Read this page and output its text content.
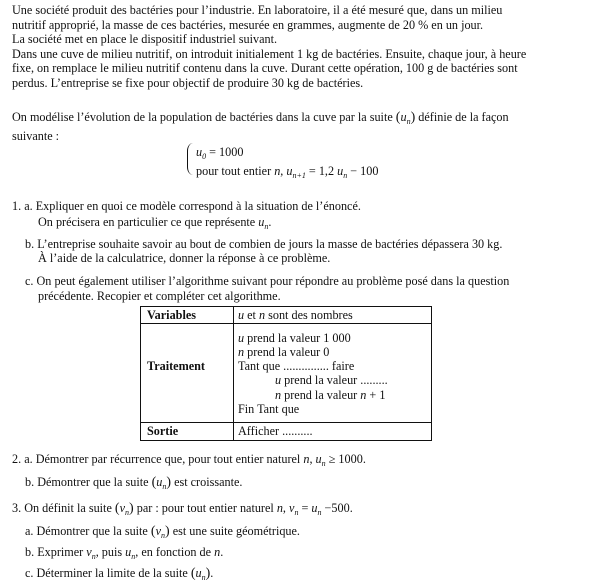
Une société produit des bactéries pour l’industrie. En laboratoire, il a été mesuré que, dans un milieu

nutritif approprié, la masse de ces bactéries, mesurée en grammes, augmente de 20 % en un jour.

La société met en place le dispositif industriel suivant.

Dans une cuve de milieu nutritif, on introduit initialement 1 kg de bactéries. Ensuite, chaque jour, à heure

fixe, on remplace le milieu nutritif contenu dans la cuve. Durant cette opération, 100 g de bactéries sont

perdus. L’entreprise se fixe pour objectif de produire 30 kg de bactéries.

On modélise l’évolution de la population de bactéries dans la cuve par la suite $(u_n)$ définie de la façon
suivante :
$u_0 = 1000$
pour tout entier n, $u_{n+1} = 1,2$ $u_n - 100$
1. a. Expliquer en quoi ce modèle correspond à la situation de l’énoncé.
On précisera en particulier ce que représente $u_n$.
b. L’entreprise souhaite savoir au bout de combien de jours la masse de bactéries dépassera 30 kg.
À l’aide de la calculatrice, donner la réponse à ce problème.
c. On peut également utiliser l’algorithme suivant pour répondre au problème posé dans la question
précédente. Recopier et compléter cet algorithme.
Variables	u et n sont des nombres
Traitement
u prend la valeur 1 000
n prend la valeur 0
Tant que ............... faire
u prend la valeur .........
n prend la valeur n + 1
Fin Tant que
Sortie	Afficher ..........
2. a. Démontrer par récurrence que, pour tout entier naturel n, $u_n \ge 1000$.
b. Démontrer que la suite $(u_n)$ est croissante.
3. On définit la suite $(v_n)$ par : pour tout entier naturel n, $v_n = u_n -500$.
a. Démontrer que la suite $(v_n)$ est une suite géométrique.
b. Exprimer $v_n$, puis $u_n$, en fonction de n.
c. Déterminer la limite de la suite $(u_n)$.
